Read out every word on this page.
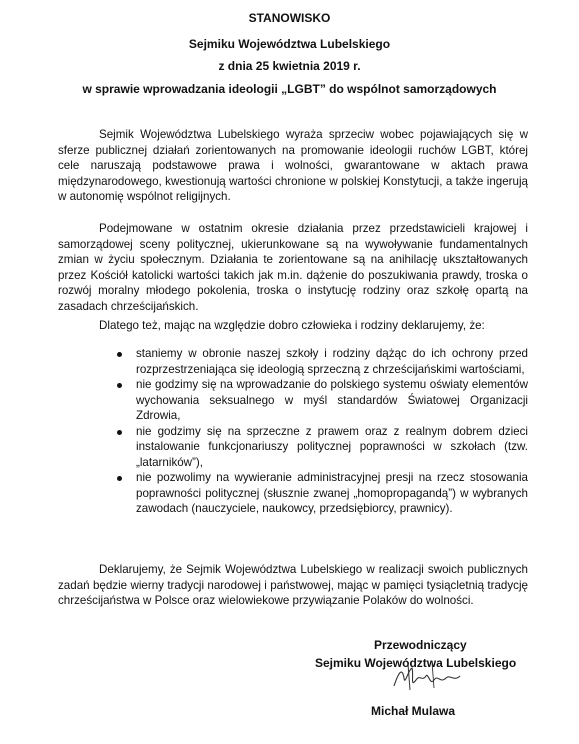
STANOWISKO
Sejmiku Województwa Lubelskiego
z dnia 25 kwietnia 2019 r.
w sprawie wprowadzania ideologii „LGBT” do wspólnot samorządowych

Sejmik Województwa Lubelskiego wyraża sprzeciw wobec pojawiających się w sferze publicznej działań zorientowanych na promowanie ideologii ruchów LGBT, której cele naruszają podstawowe prawa i wolności, gwarantowane w aktach prawa międzynarodowego, kwestionują wartości chronione w polskiej Konstytucji, a także ingerują w autonomię wspólnot religijnych.

Podejmowane w ostatnim okresie działania przez przedstawicieli krajowej i samorządowej sceny politycznej, ukierunkowane są na wywoływanie fundamentalnych zmian w życiu społecznym. Działania te zorientowane są na anihilację ukształtowanych przez Kościół katolicki wartości takich jak m.in. dążenie do poszukiwania prawdy, troska o rozwój moralny młodego pokolenia, troska o instytucję rodziny oraz szkołę opartą na zasadach chrześcijańskich.

Dlatego też, mając na względzie dobro człowieka i rodziny deklarujemy, że:

staniemy w obronie naszej szkoły i rodziny dążąc do ich ochrony przed rozprzestrzeniająca się ideologią sprzeczną z chrześcijańskimi wartościami,
nie godzimy się na wprowadzanie do polskiego systemu oświaty elementów wychowania seksualnego w myśl standardów Światowej Organizacji Zdrowia,
nie godzimy się na sprzeczne z prawem oraz z realnym dobrem dzieci instalowanie funkcjonariuszy politycznej poprawności w szkołach (tzw. „latarników”),
nie pozwolimy na wywieranie administracyjnej presji na rzecz stosowania poprawności politycznej (słusznie zwanej „homopropagandą”) w wybranych zawodach (nauczyciele, naukowcy, przedsiębiorcy, prawnicy).

Deklarujemy, że Sejmik Województwa Lubelskiego w realizacji swoich publicznych zadań będzie wierny tradycji narodowej i państwowej, mając w pamięci tysiącletnią tradycję chrześcijaństwa w Polsce oraz wielowiekowe przywiązanie Polaków do wolności.

Przewodniczący
Sejmiku Województwa Lubelskiego
Michał Mulawa
